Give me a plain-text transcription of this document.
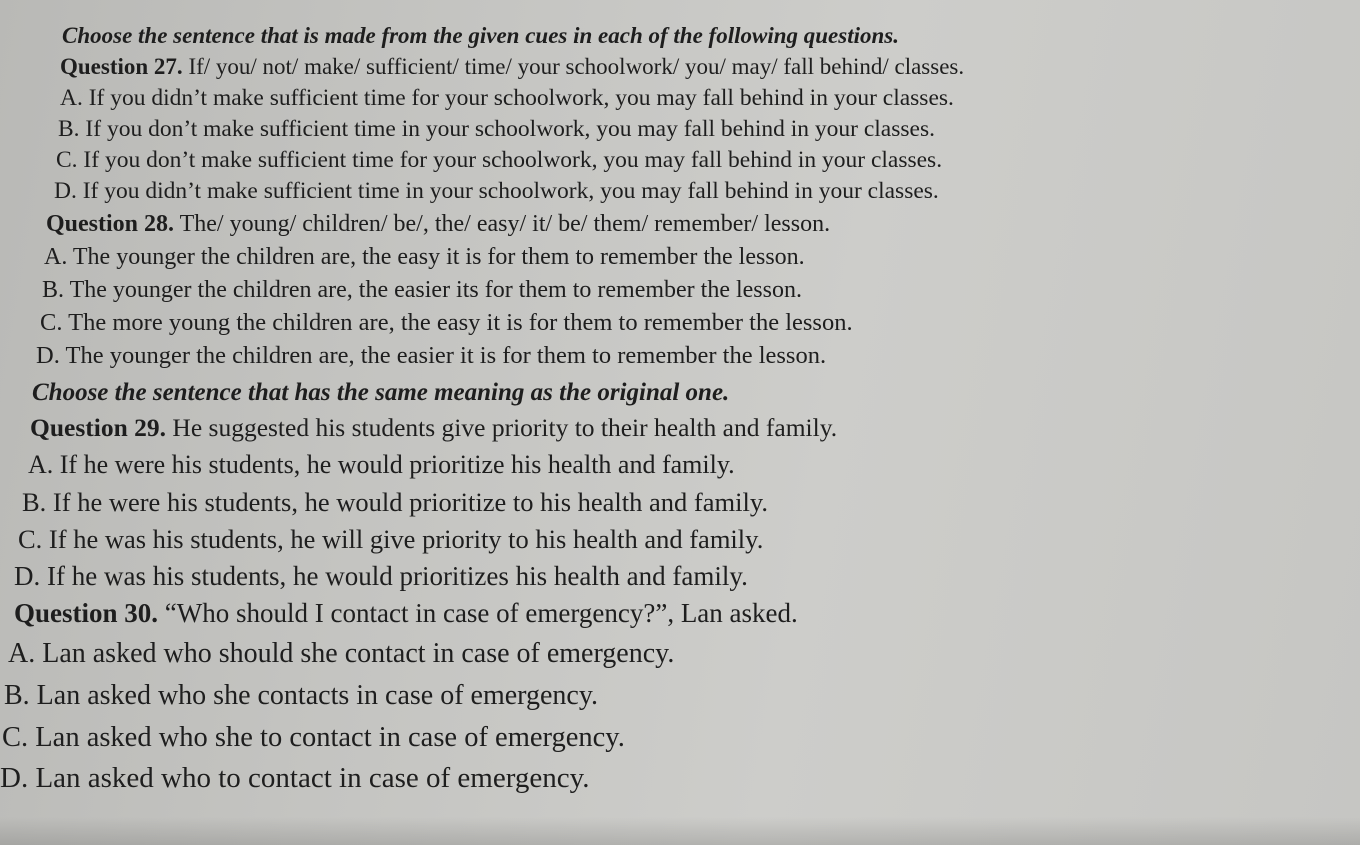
Choose the sentence that is made from the given cues in each of the following questions.
Question 27. If/ you/ not/ make/ sufficient/ time/ your schoolwork/ you/ may/ fall behind/ classes.
A. If you didn’t make sufficient time for your schoolwork, you may fall behind in your classes.
B. If you don’t make sufficient time in your schoolwork, you may fall behind in your classes.
C. If you don’t make sufficient time for your schoolwork, you may fall behind in your classes.
D. If you didn’t make sufficient time in your schoolwork, you may fall behind in your classes.
Question 28. The/ young/ children/ be/, the/ easy/ it/ be/ them/ remember/ lesson.
A. The younger the children are, the easy it is for them to remember the lesson.
B. The younger the children are, the easier its for them to remember the lesson.
C. The more young the children are, the easy it is for them to remember the lesson.
D. The younger the children are, the easier it is for them to remember the lesson.
Choose the sentence that has the same meaning as the original one.
Question 29. He suggested his students give priority to their health and family.
A. If he were his students, he would prioritize his health and family.
B. If he were his students, he would prioritize to his health and family.
C. If he was his students, he will give priority to his health and family.
D. If he was his students, he would prioritizes his health and family.
Question 30. “Who should I contact in case of emergency?”, Lan asked.
A. Lan asked who should she contact in case of emergency.
B. Lan asked who she contacts in case of emergency.
C. Lan asked who she to contact in case of emergency.
D. Lan asked who to contact in case of emergency.
